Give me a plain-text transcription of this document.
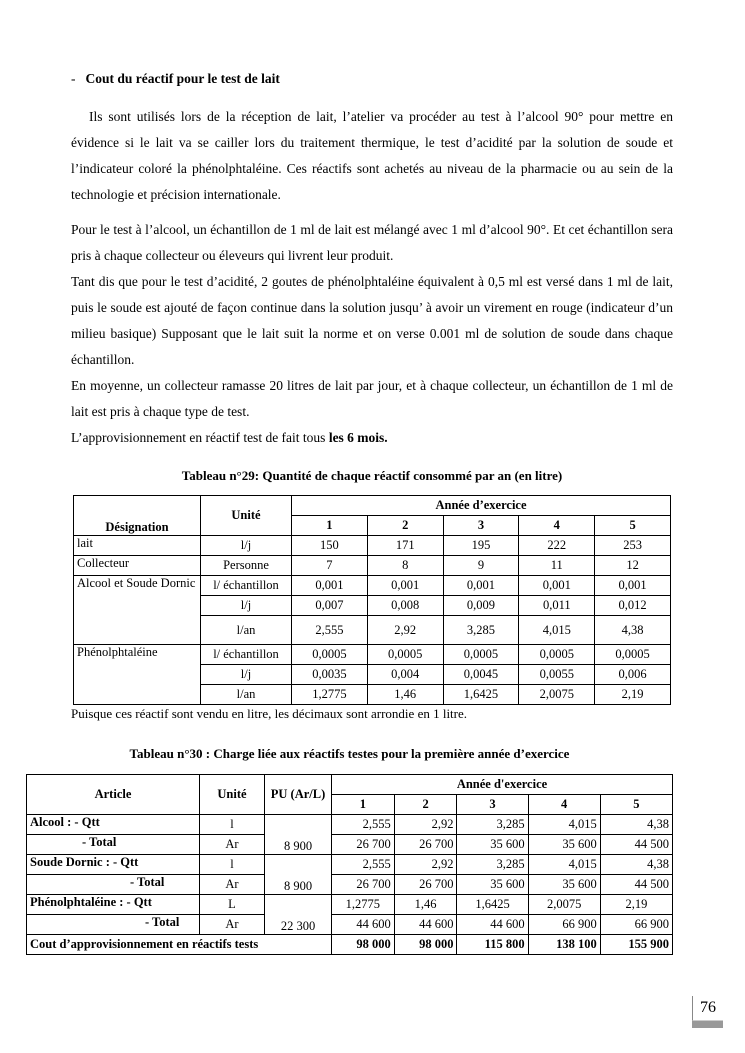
- Cout du réactif pour le test de lait
Ils sont utilisés lors de la réception de lait, l’atelier va procéder au test à l’alcool 90° pour mettre en évidence si le lait va se cailler lors du traitement thermique, le test d’acidité par la solution de soude et l’indicateur coloré la phénolphtaléine. Ces réactifs sont achetés au niveau de la pharmacie ou au sein de la technologie et précision internationale.

Pour le test à l’alcool, un échantillon de 1 ml de lait est mélangé avec 1 ml d’alcool 90°. Et cet échantillon sera pris à chaque collecteur ou éleveurs qui livrent leur produit.

Tant dis que pour le test d’acidité, 2 goutes de phénolphtaléine équivalent à 0,5 ml est versé dans 1 ml de lait, puis le soude est ajouté de façon continue dans la solution jusqu’ à avoir un virement en rouge (indicateur d’un milieu basique) Supposant que le lait suit la norme et on verse 0.001 ml de solution de soude dans chaque échantillon.

En moyenne, un collecteur ramasse 20 litres de lait par jour, et à chaque collecteur, un échantillon de 1 ml de lait est pris à chaque type de test.

L’approvisionnement en réactif test de fait tous les 6 mois.

Tableau n°29: Quantité de chaque réactif consommé par an (en litre)
Désignation	Unité	Année d’exercice				
		1	2	3	4	5
lait	l/j	150	171	195	222	253
Collecteur	Personne	7	8	9	11	12
Alcool et Soude Dornic	l/ échantillon	0,001	0,001	0,001	0,001	0,001
	l/j	0,007	0,008	0,009	0,011	0,012
	l/an	2,555	2,92	3,285	4,015	4,38
Phénolphtaléine	l/ échantillon	0,0005	0,0005	0,0005	0,0005	0,0005
	l/j	0,0035	0,004	0,0045	0,0055	0,006
	l/an	1,2775	1,46	1,6425	2,0075	2,19
Puisque ces réactif sont vendu en litre, les décimaux sont arrondie en 1 litre.
Tableau n°30 : Charge liée aux réactifs testes pour la première année d’exercice
Article	Unité	PU (Ar/L)	Année d'exercice				
			1	2	3	4	5
Alcool : - Qtt	l	8 900	2,555	2,92	3,285	4,015	4,38
- Total	Ar		26 700	26 700	35 600	35 600	44 500
Soude Dornic : - Qtt	l	8 900	2,555	2,92	3,285	4,015	4,38
- Total	Ar		26 700	26 700	35 600	35 600	44 500
Phénolphtaléine : - Qtt	L	22 300	1,2775	1,46	1,6425	2,0075	2,19
- Total	Ar		44 600	44 600	44 600	66 900	66 900
Cout d’approvisionnement en réactifs tests			98 000	98 000	115 800	138 100	155 900
76
